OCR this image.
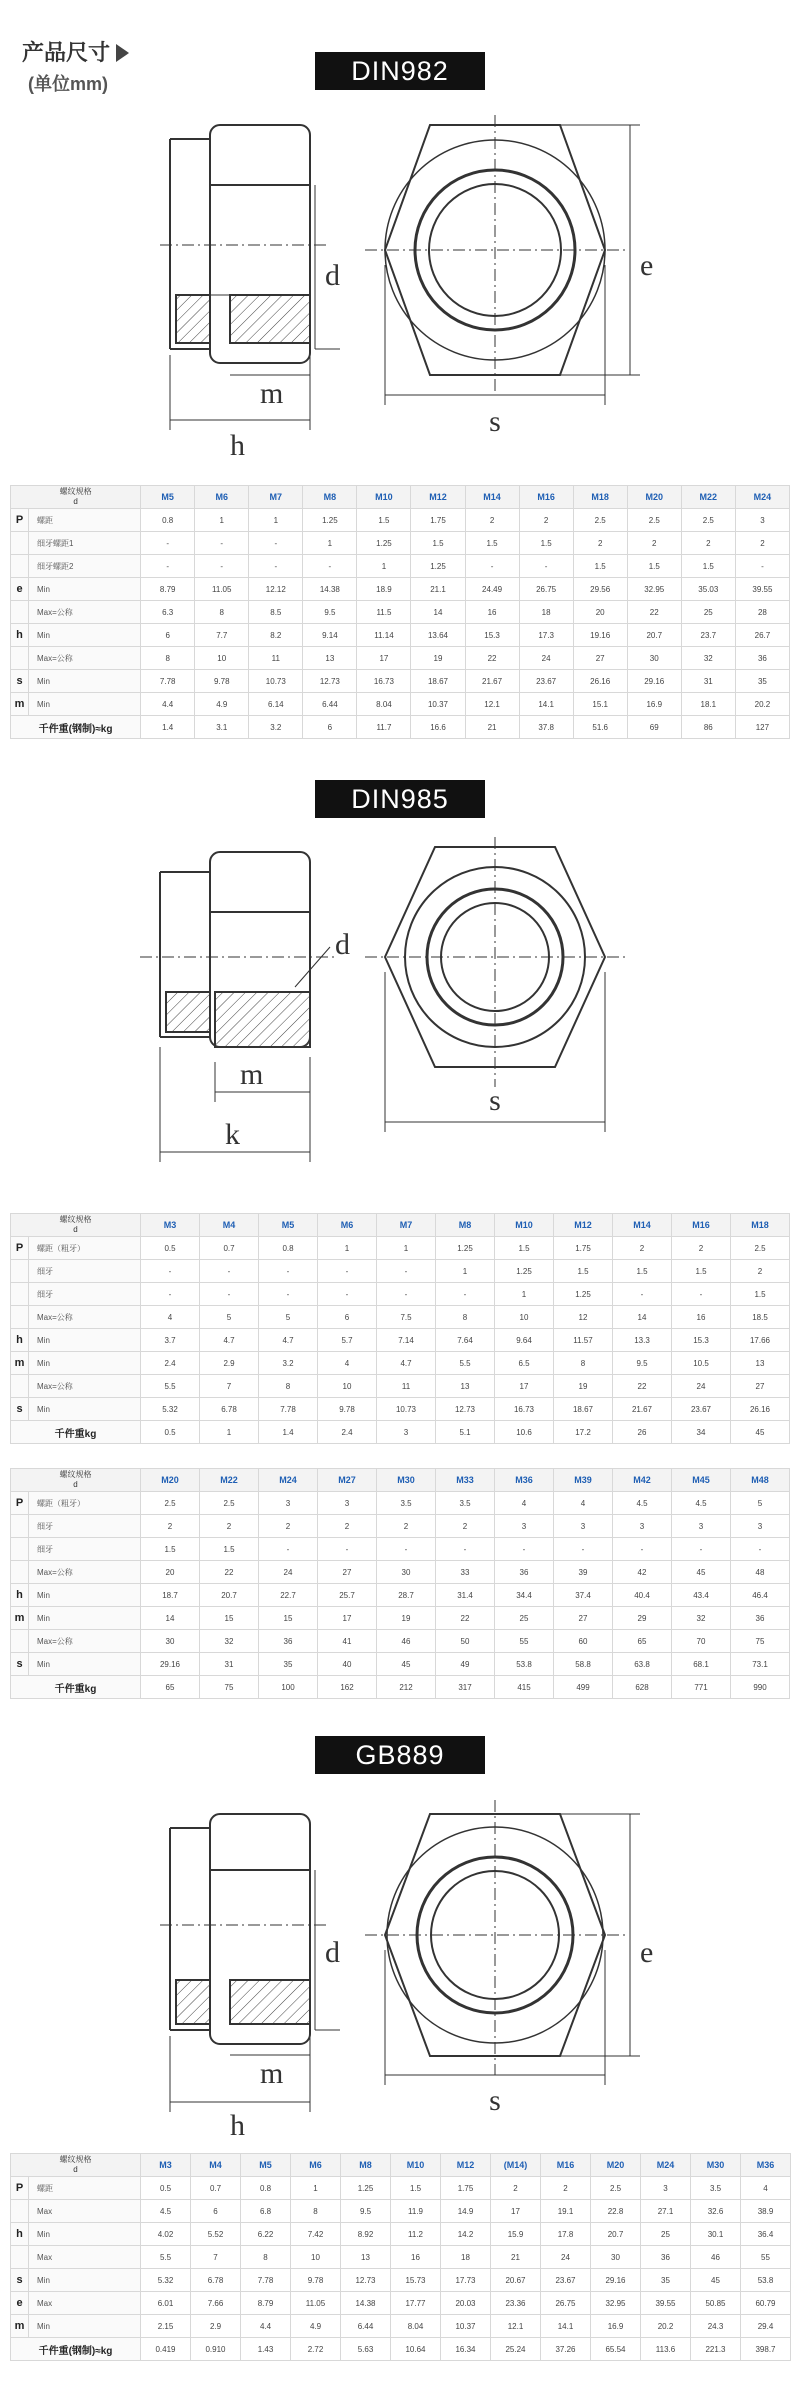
产品尺寸
(单位mm)	DIN982
d
m
h
e
s
螺纹规格
d		M5	M6	M7	M8	M10	M12	M14	M16	M18	M20	M22	M24
P	螺距	0.8	1	1	1.25	1.5	1.75	2	2	2.5	2.5	2.5	3
	细牙螺距1	-	-	-	1	1.25	1.5	1.5	1.5	2	2	2	2
	细牙螺距2	-	-	-	-	1	1.25	-	-	1.5	1.5	1.5	-
e	Min	8.79	11.05	12.12	14.38	18.9	21.1	24.49	26.75	29.56	32.95	35.03	39.55
	Max=公称	6.3	8	8.5	9.5	11.5	14	16	18	20	22	25	28
h	Min	6	7.7	8.2	9.14	11.14	13.64	15.3	17.3	19.16	20.7	23.7	26.7
	Max=公称	8	10	11	13	17	19	22	24	27	30	32	36
s	Min	7.78	9.78	10.73	12.73	16.73	18.67	21.67	23.67	26.16	29.16	31	35
m	Min	4.4	4.9	6.14	6.44	8.04	10.37	12.1	14.1	15.1	16.9	18.1	20.2
千件重(钢制)≈kg		1.4	3.1	3.2	6	11.7	16.6	21	37.8	51.6	69	86	127
DIN985
d
m
k
s
螺纹规格
d		M3	M4	M5	M6	M7	M8	M10	M12	M14	M16	M18
P	螺距（粗牙）	0.5	0.7	0.8	1	1	1.25	1.5	1.75	2	2	2.5
	细牙	-	-	-	-	-	1	1.25	1.5	1.5	1.5	2
	细牙	-	-	-	-	-	-	1	1.25	-	-	1.5
	Max=公称	4	5	5	6	7.5	8	10	12	14	16	18.5
h	Min	3.7	4.7	4.7	5.7	7.14	7.64	9.64	11.57	13.3	15.3	17.66
m	Min	2.4	2.9	3.2	4	4.7	5.5	6.5	8	9.5	10.5	13
	Max=公称	5.5	7	8	10	11	13	17	19	22	24	27
s	Min	5.32	6.78	7.78	9.78	10.73	12.73	16.73	18.67	21.67	23.67	26.16
千件重kg		0.5	1	1.4	2.4	3	5.1	10.6	17.2	26	34	45
螺纹规格
d		M20	M22	M24	M27	M30	M33	M36	M39	M42	M45	M48
P	螺距（粗牙）	2.5	2.5	3	3	3.5	3.5	4	4	4.5	4.5	5
	细牙	2	2	2	2	2	2	3	3	3	3	3
	细牙	1.5	1.5	-	-	-	-	-	-	-	-	-
	Max=公称	20	22	24	27	30	33	36	39	42	45	48
h	Min	18.7	20.7	22.7	25.7	28.7	31.4	34.4	37.4	40.4	43.4	46.4
m	Min	14	15	15	17	19	22	25	27	29	32	36
	Max=公称	30	32	36	41	46	50	55	60	65	70	75
s	Min	29.16	31	35	40	45	49	53.8	58.8	63.8	68.1	73.1
千件重kg		65	75	100	162	212	317	415	499	628	771	990
GB889
d
m
h
e
s
螺纹规格
d		M3	M4	M5	M6	M8	M10	M12	(M14)	M16	M20	M24	M30	M36
P	螺距	0.5	0.7	0.8	1	1.25	1.5	1.75	2	2	2.5	3	3.5	4
	Max	4.5	6	6.8	8	9.5	11.9	14.9	17	19.1	22.8	27.1	32.6	38.9
h	Min	4.02	5.52	6.22	7.42	8.92	11.2	14.2	15.9	17.8	20.7	25	30.1	36.4
	Max	5.5	7	8	10	13	16	18	21	24	30	36	46	55
s	Min	5.32	6.78	7.78	9.78	12.73	15.73	17.73	20.67	23.67	29.16	35	45	53.8
e	Max	6.01	7.66	8.79	11.05	14.38	17.77	20.03	23.36	26.75	32.95	39.55	50.85	60.79
m	Min	2.15	2.9	4.4	4.9	6.44	8.04	10.37	12.1	14.1	16.9	20.2	24.3	29.4
千件重(钢制)≈kg		0.419	0.910	1.43	2.72	5.63	10.64	16.34	25.24	37.26	65.54	113.6	221.3	398.7
